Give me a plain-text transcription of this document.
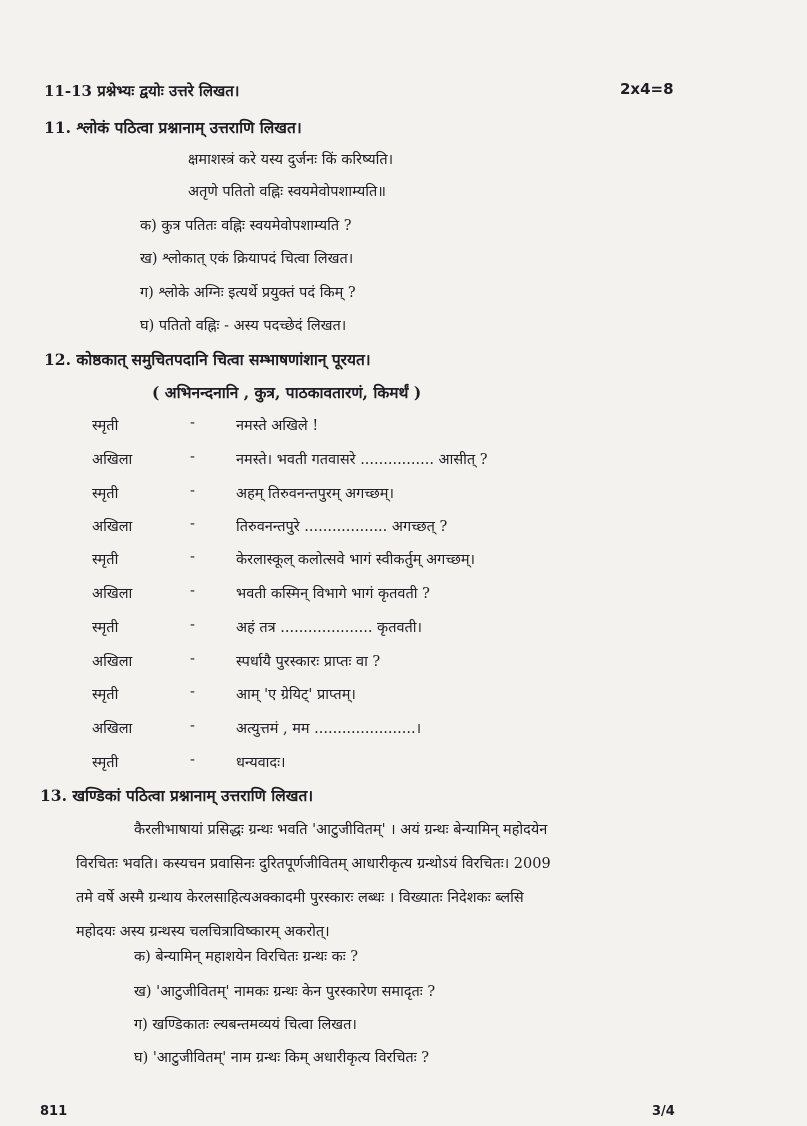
11-13 प्रश्नेभ्यः द्वयोः उत्तरे लिखत।	2x4=8
11. श्लोकं पठित्वा प्रश्नानाम् उत्तराणि लिखत।
क्षमाशस्त्रं करे यस्य दुर्जनः किं करिष्यति।
अतृणे पतितो वह्निः स्वयमेवोपशाम्यति॥
क) कुत्र पतितः वह्निः स्वयमेवोपशाम्यति ?
ख) श्लोकात् एकं क्रियापदं चित्वा लिखत।
ग) श्लोके अग्निः इत्यर्थे प्रयुक्तं पदं किम् ?
घ) पतितो वह्निः - अस्य पदच्छेदं लिखत।
12. कोष्ठकात् समुचितपदानि चित्वा सम्भाषणांशान् पूरयत।
( अभिनन्दनानि , कुत्र, पाठकावतारणं, किमर्थं )
स्मृती	-	नमस्ते अखिले !
अखिला	-	नमस्ते। भवती गतवासरे ................ आसीत् ?
स्मृती	-	अहम् तिरुवनन्तपुरम् अगच्छम्।
अखिला	-	तिरुवनन्तपुरे .................. अगच्छत् ?
स्मृती	-	केरलास्कूल् कलोत्सवे भागं स्वीकर्तुम् अगच्छम्।
अखिला	-	भवती कस्मिन् विभागे भागं कृतवती ?
स्मृती	-	अहं तत्र .................... कृतवती।
अखिला	-	स्पर्धायै पुरस्कारः प्राप्तः वा ?
स्मृती	-	आम् 'ए ग्रेयिट्' प्राप्तम्।
अखिला	-	अत्युत्तमं , मम ......................।
स्मृती	-	धन्यवादः।
13. खण्डिकां पठित्वा प्रश्नानाम् उत्तराणि लिखत।
कैरलीभाषायां प्रसिद्धः ग्रन्थः भवति 'आटुजीवितम्' । अयं ग्रन्थः बेन्यामिन् महोदयेन
विरचितः भवति। कस्यचन प्रवासिनः दुरितपूर्णजीवितम् आधारीकृत्य ग्रन्थोऽयं विरचितः। 2009
तमे वर्षे अस्मै ग्रन्थाय केरलसाहित्यअक्कादमी पुरस्कारः लब्धः । विख्यातः निदेशकः ब्लसि
महोदयः अस्य ग्रन्थस्य चलचित्राविष्कारम् अकरोत्।
क) बेन्यामिन् महाशयेन विरचितः ग्रन्थः कः ?
ख) 'आटुजीवितम्' नामकः ग्रन्थः केन पुरस्कारेण समादृतः ?
ग) खण्डिकातः ल्यबन्तमव्ययं चित्वा लिखत।
घ) 'आटुजीवितम्' नाम ग्रन्थः किम् अधारीकृत्य विरचितः ?
811	3/4
